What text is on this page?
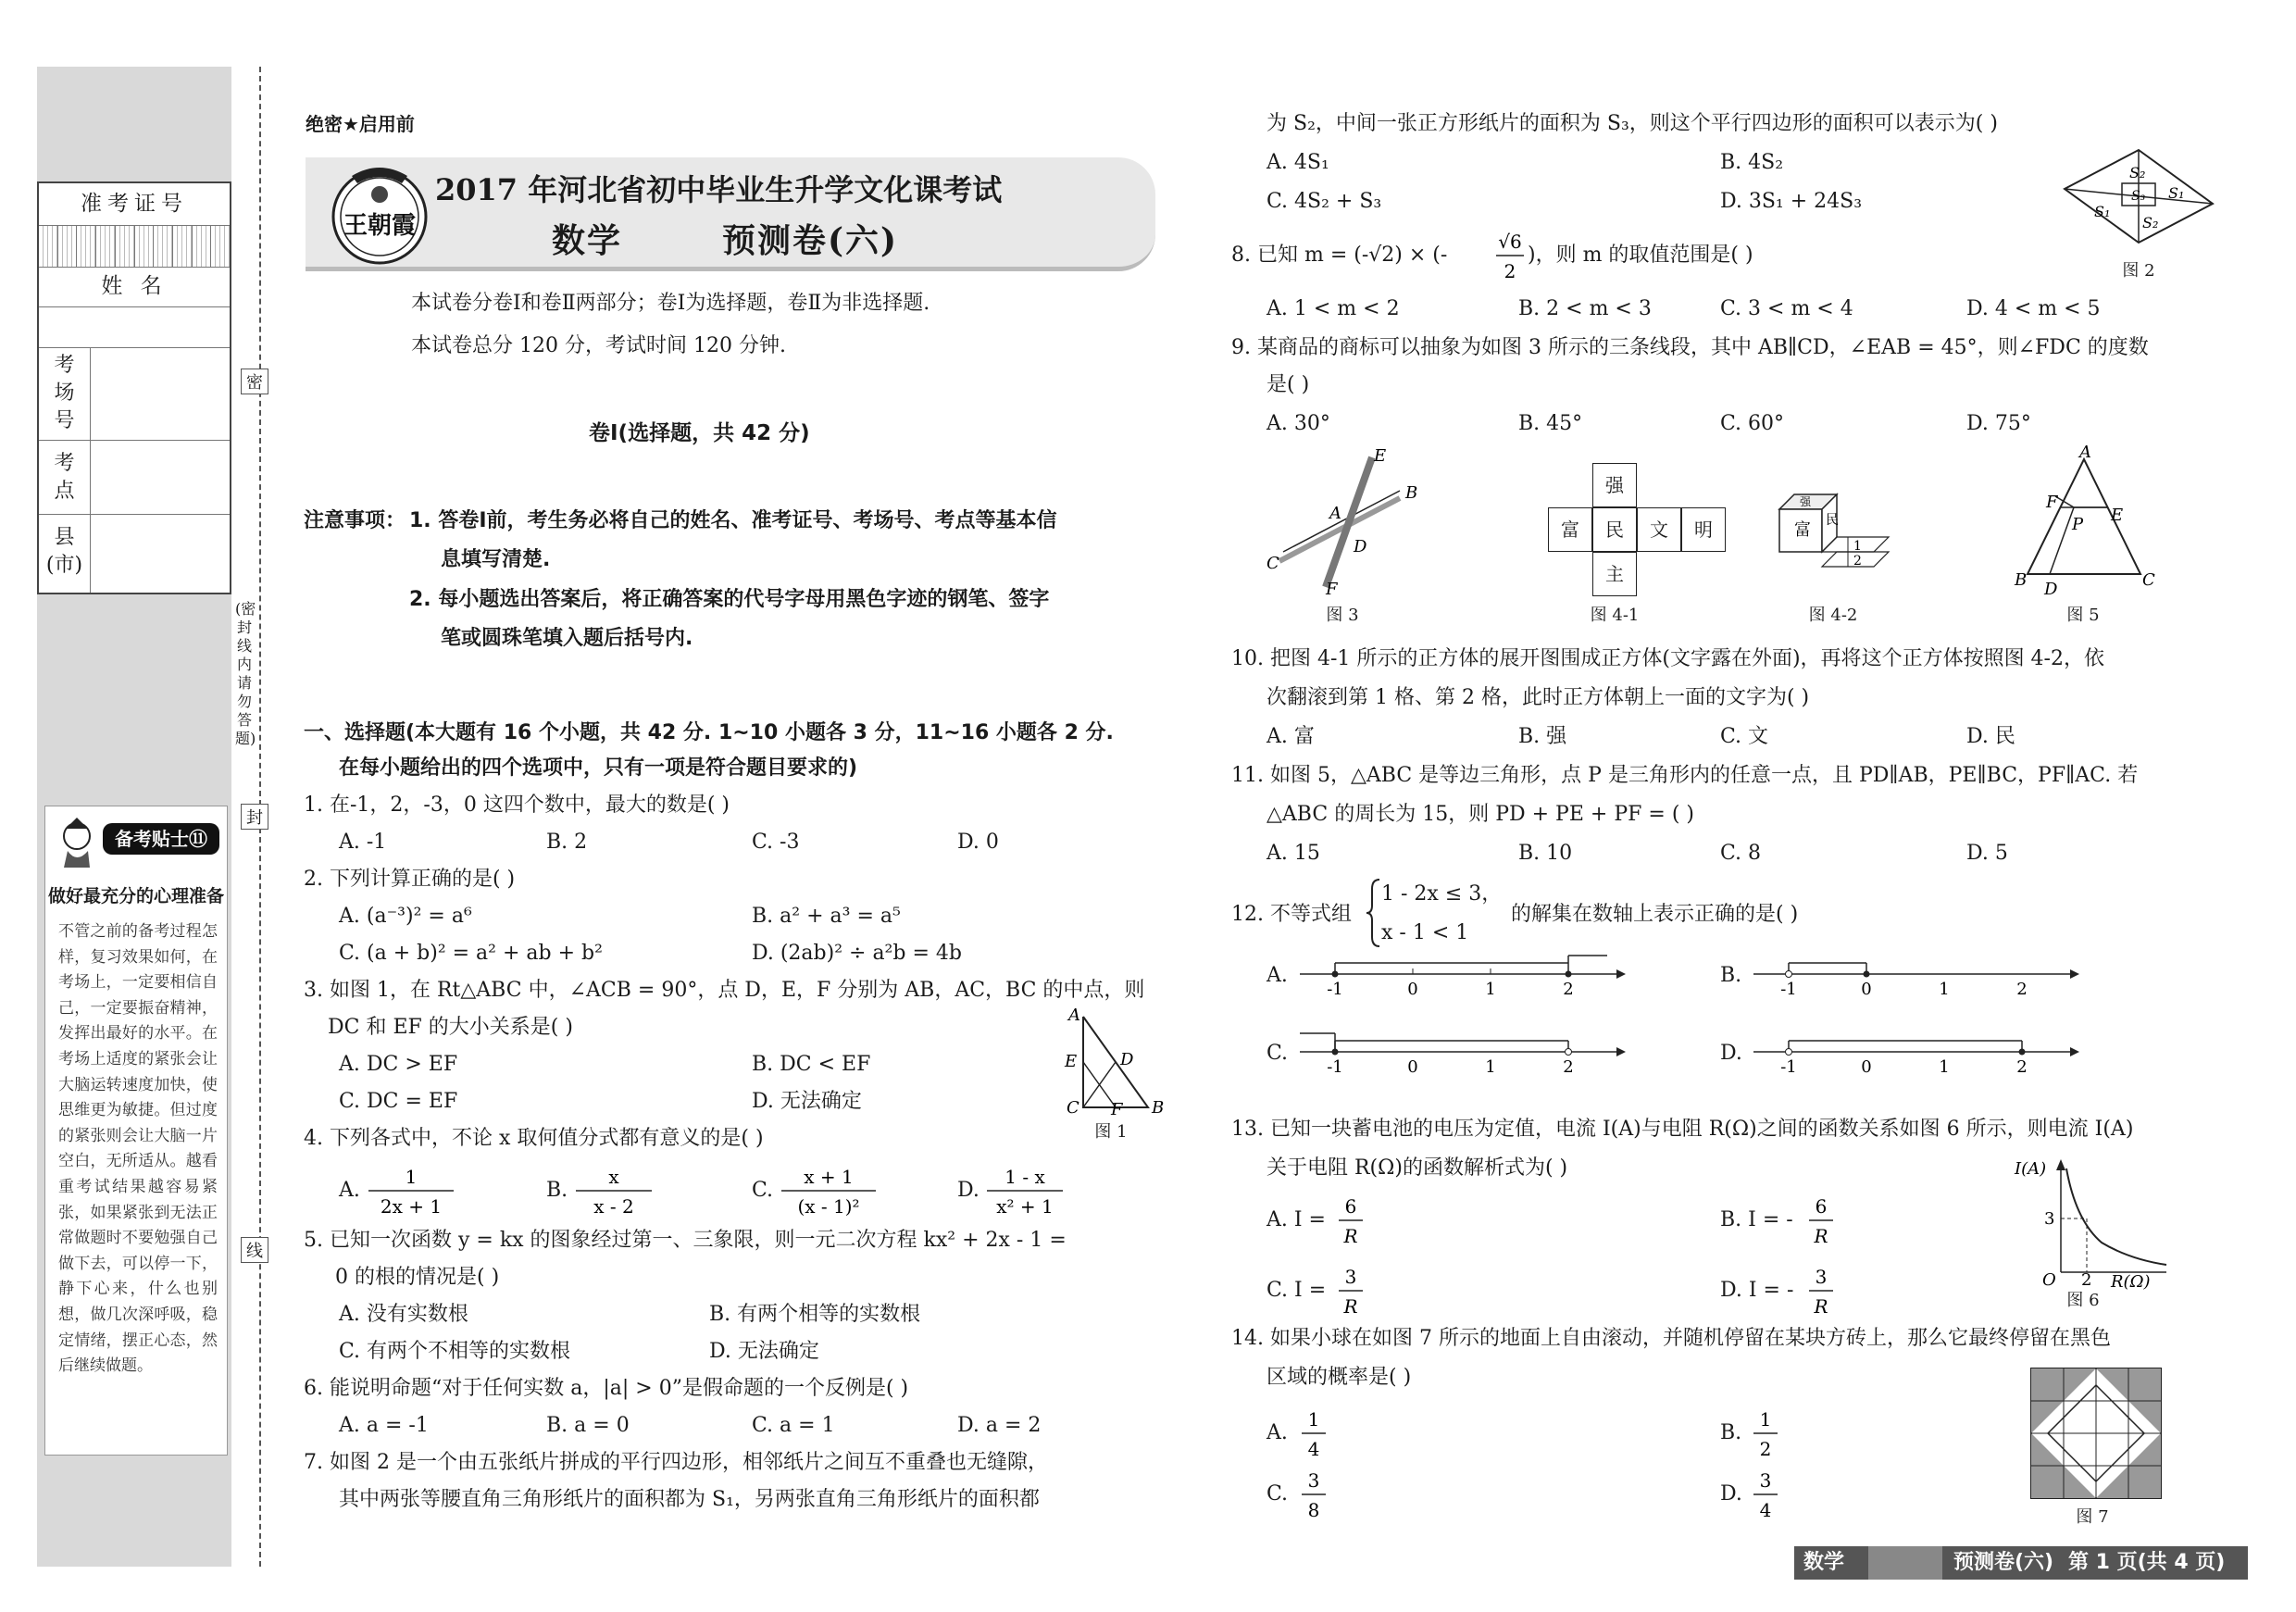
准考证号
姓 名
考
场
号
考
点
县
(市)
备考贴士⑪
做好最充分的心理准备
不管之前的备考过程怎样，复习效果如何，在考场上，一定要相信自己，一定要振奋精神，发挥出最好的水平。在考场上适度的紧张会让大脑运转速度加快，使思维更为敏捷。但过度的紧张则会让大脑一片空白，无所适从。越看重考试结果越容易紧张，如果紧张到无法正常做题时不要勉强自己做下去，可以停一下，静下心来，什么也别想，做几次深呼吸，稳定情绪，摆正心态，然后继续做题。
密
封
线
(密封线内请勿答题)
绝密★启用前
王朝霞
2017 年河北省初中毕业生升学文化课考试
数学	预测卷(六)
本试卷分卷Ⅰ和卷Ⅱ两部分；卷Ⅰ为选择题，卷Ⅱ为非选择题.
本试卷总分 120 分，考试时间 120 分钟.
卷Ⅰ(选择题，共 42 分)
注意事项： 1. 答卷Ⅰ前，考生务必将自己的姓名、准考证号、考场号、考点等基本信
息填写清楚.
2. 每小题选出答案后，将正确答案的代号字母用黑色字迹的钢笔、签字
笔或圆珠笔填入题后括号内.
一、选择题(本大题有 16 个小题，共 42 分. 1~10 小题各 3 分，11~16 小题各 2 分.
在每小题给出的四个选项中，只有一项是符合题目要求的)
1. 在-1，2，-3，0 这四个数中，最大的数是( )
A. -1	B. 2	C. -3	D. 0
2. 下列计算正确的是( )
A. (a⁻³)² = a⁶	B. a² + a³ = a⁵
C. (a + b)² = a² + ab + b²	D. (2ab)² ÷ a²b = 4b
3. 如图 1，在 Rt△ABC 中，∠ACB = 90°，点 D，E，F 分别为 AB，AC，BC 的中点，则
DC 和 EF 的大小关系是( )
A. DC > EF	B. DC < EF
C. DC = EF	D. 无法确定
A
E	D
C F B
图 1
4. 下列各式中，不论 x 取何值分式都有意义的是( )
A.
1
2x + 1
B.
x
x - 2
C.
x + 1
(x - 1)²
D.
1 - x
x² + 1
5. 已知一次函数 y = kx 的图象经过第一、三象限，则一元二次方程 kx² + 2x - 1 =
0 的根的情况是( )
A. 没有实数根	B. 有两个相等的实数根
C. 有两个不相等的实数根	D. 无法确定
6. 能说明命题“对于任何实数 a，|a| > 0”是假命题的一个反例是( )
A. a = -1	B. a = 0	C. a = 1	D. a = 2
7. 如图 2 是一个由五张纸片拼成的平行四边形，相邻纸片之间互不重叠也无缝隙，
其中两张等腰直角三角形纸片的面积都为 S₁，另两张直角三角形纸片的面积都
为 S₂，中间一张正方形纸片的面积为 S₃，则这个平行四边形的面积可以表示为( )
A. 4S₁	B. 4S₂
C. 4S₂ + S₃	D. 3S₁ + 24S₃
S₂
S₃ S₁
S₁
S₂
图 2
8. 已知 m = (-√2) × (-
√6
2
)，则 m 的取值范围是( )
A. 1 < m < 2	B. 2 < m < 3	C. 3 < m < 4	D. 4 < m < 5
9. 某商品的商标可以抽象为如图 3 所示的三条线段，其中 AB∥CD，∠EAB = 45°，则∠FDC 的度数
是( )
A. 30°	B. 45°	C. 60°	D. 75°
E
B
A
D
C
F
图 3
强
富	民	文	明
主
图 4-1
富 民
强
1
2
图 4-2
A
F
P E
B D	C
图 5
10. 把图 4-1 所示的正方体的展开图围成正方体(文字露在外面)，再将这个正方体按照图 4-2，依
次翻滚到第 1 格、第 2 格，此时正方体朝上一面的文字为( )
A. 富	B. 强	C. 文	D. 民
11. 如图 5，△ABC 是等边三角形，点 P 是三角形内的任意一点，且 PD∥AB，PE∥BC，PF∥AC. 若
△ABC 的周长为 15，则 PD + PE + PF = ( )
A. 15	B. 10	C. 8	D. 5
12. 不等式组
1 - 2x ≤ 3，
x - 1 < 1
的解集在数轴上表示正确的是( )
A.
-1	0	1	2
B.
-1	0	1	2
C.
-1	0	1	2
D.
-1	0	1	2
13. 已知一块蓄电池的电压为定值，电流 I(A)与电阻 R(Ω)之间的函数关系如图 6 所示，则电流 I(A)
关于电阻 R(Ω)的函数解析式为( )
A. I =
6
R
B. I = -
6
R
C. I =
3
R
D. I = -
3
R
I(A)
3
O 2 R(Ω)
图 6
14. 如果小球在如图 7 所示的地面上自由滚动，并随机停留在某块方砖上，那么它最终停留在黑色
区域的概率是( )
A.
1
4
B.
1
2
C.
3
8
D.
3
4	图 7
数学	预测卷(六) 第 1 页(共 4 页)
